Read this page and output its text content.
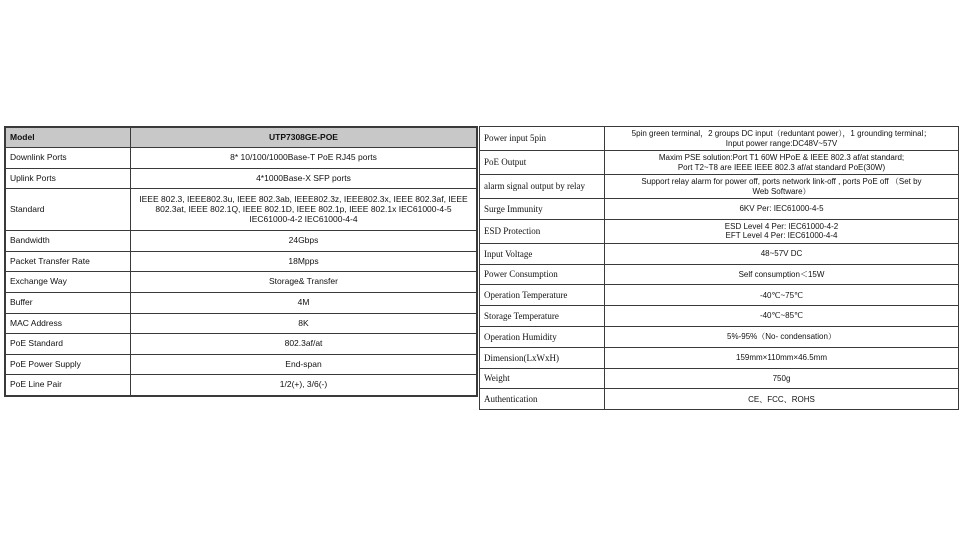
Model	UTP7308GE-POE
Downlink Ports	8* 10/100/1000Base-T PoE RJ45 ports
Uplink Ports	4*1000Base-X SFP ports
Standard	IEEE 802.3, IEEE802.3u, IEEE 802.3ab, IEEE802.3z, IEEE802.3x, IEEE 802.3af, IEEE 802.3at, IEEE 802.1Q, IEEE 802.1D, IEEE 802.1p, IEEE 802.1x IEC61000-4-5 IEC61000-4-2 IEC61000-4-4
Bandwidth	24Gbps
Packet Transfer Rate	18Mpps
Exchange Way	Storage& Transfer
Buffer	4M
MAC Address	8K
PoE Standard	802.3af/at
PoE Power Supply	End-span
PoE Line Pair	1/2(+), 3/6(-)
Power input 5pin	5pin green terminal，2 groups DC input（reduntant power），1 grounding terminal；
Input power range:DC48V~57V

PoE Output	Maxim PSE solution:Port T1 60W HPoE & IEEE 802.3 af/at standard;
Port T2~T8 are IEEE IEEE 802.3 af/at standard PoE(30W)

alarm signal output by relay	Support relay alarm for power off, ports network link-off , ports PoE off （Set by
Web Software）

Surge Immunity	6KV Per: IEC61000-4-5
ESD Protection	ESD Level 4 Per: IEC61000-4-2
EFT Level 4 Per: IEC61000-4-4

Input Voltage	48~57V DC
Power Consumption	Self consumption＜15W
Operation Temperature	-40℃~75℃
Storage Temperature	-40℃~85℃
Operation Humidity	5%-95%（No- condensation）
Dimension(LxWxH)	159mm×110mm×46.5mm
Weight	750g
Authentication	CE、FCC、ROHS
